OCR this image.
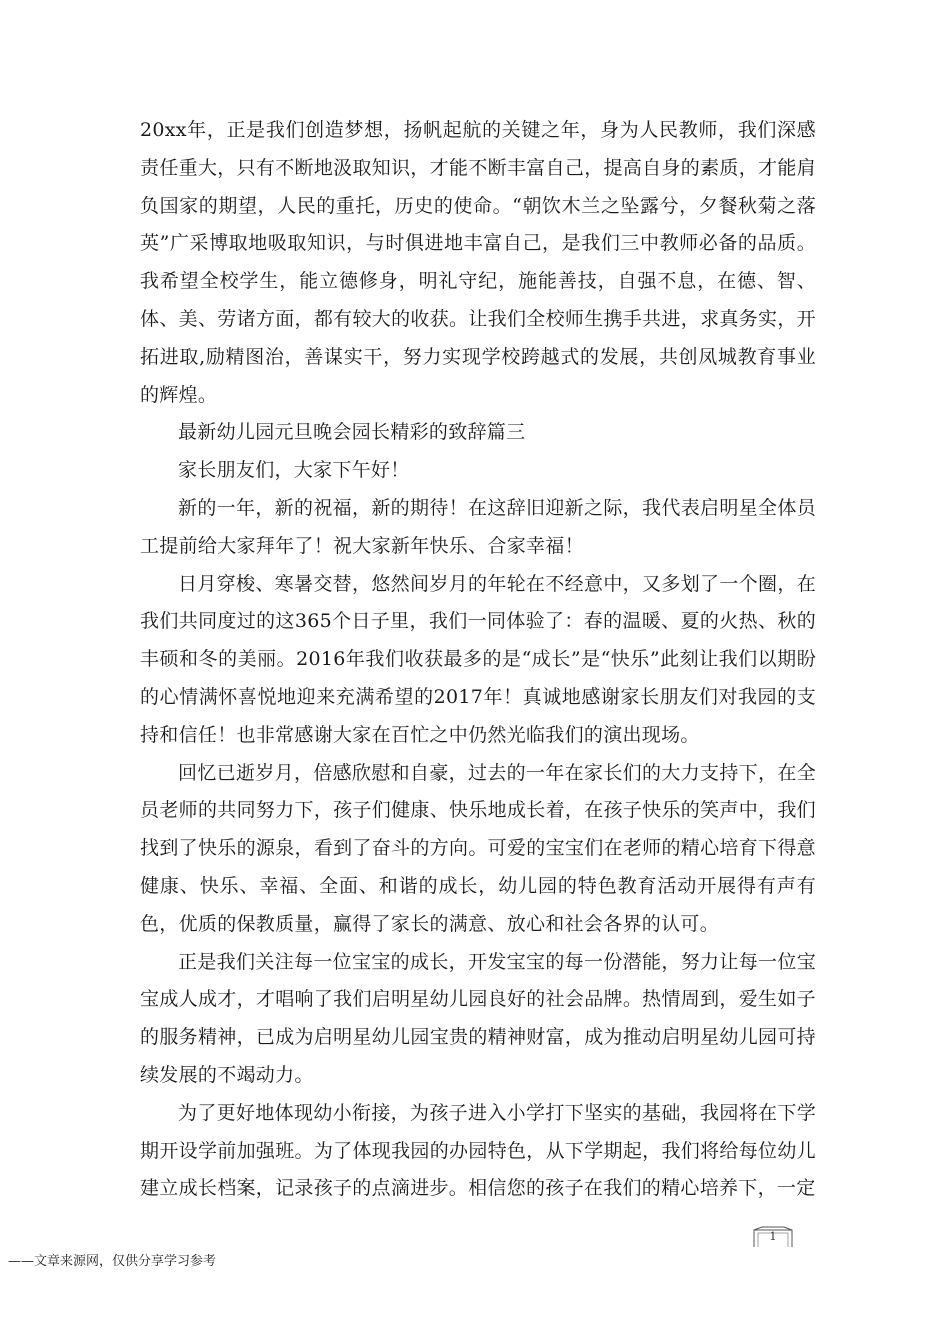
20xx年，正是我们创造梦想，扬帆起航的关键之年，身为人民教师，我们深感责任重大，只有不断地汲取知识，才能不断丰富自己，提高自身的素质，才能肩负国家的期望，人民的重托，历史的使命。“朝饮木兰之坠露兮，夕餐秋菊之落英”广采博取地吸取知识，与时俱进地丰富自己，是我们三中教师必备的品质。我希望全校学生，能立德修身，明礼守纪，施能善技，自强不息，在德、智、体、美、劳诸方面，都有较大的收获。让我们全校师生携手共进，求真务实，开拓进取,励精图治，善谋实干，努力实现学校跨越式的发展，共创凤城教育事业的辉煌。

最新幼儿园元旦晚会园长精彩的致辞篇三

家长朋友们，大家下午好！

新的一年，新的祝福，新的期待！在这辞旧迎新之际，我代表启明星全体员工提前给大家拜年了！祝大家新年快乐、合家幸福！

日月穿梭、寒暑交替，悠然间岁月的年轮在不经意中，又多划了一个圈，在我们共同度过的这365个日子里，我们一同体验了：春的温暖、夏的火热、秋的丰硕和冬的美丽。2016年我们收获最多的是“成长”是“快乐”此刻让我们以期盼的心情满怀喜悦地迎来充满希望的2017年！真诚地感谢家长朋友们对我园的支持和信任！也非常感谢大家在百忙之中仍然光临我们的演出现场。

回忆已逝岁月，倍感欣慰和自豪，过去的一年在家长们的大力支持下，在全员老师的共同努力下，孩子们健康、快乐地成长着，在孩子快乐的笑声中，我们找到了快乐的源泉，看到了奋斗的方向。可爱的宝宝们在老师的精心培育下得意健康、快乐、幸福、全面、和谐的成长，幼儿园的特色教育活动开展得有声有色，优质的保教质量，赢得了家长的满意、放心和社会各界的认可。

正是我们关注每一位宝宝的成长，开发宝宝的每一份潜能，努力让每一位宝宝成人成才，才唱响了我们启明星幼儿园良好的社会品牌。热情周到，爱生如子的服务精神，已成为启明星幼儿园宝贵的精神财富，成为推动启明星幼儿园可持续发展的不竭动力。

为了更好地体现幼小衔接，为孩子进入小学打下坚实的基础，我园将在下学期开设学前加强班。为了体现我园的办园特色，从下学期起，我们将给每位幼儿建立成长档案，记录孩子的点滴进步。相信您的孩子在我们的精心培养下，一定

1
——文章来源网，仅供分享学习参考
